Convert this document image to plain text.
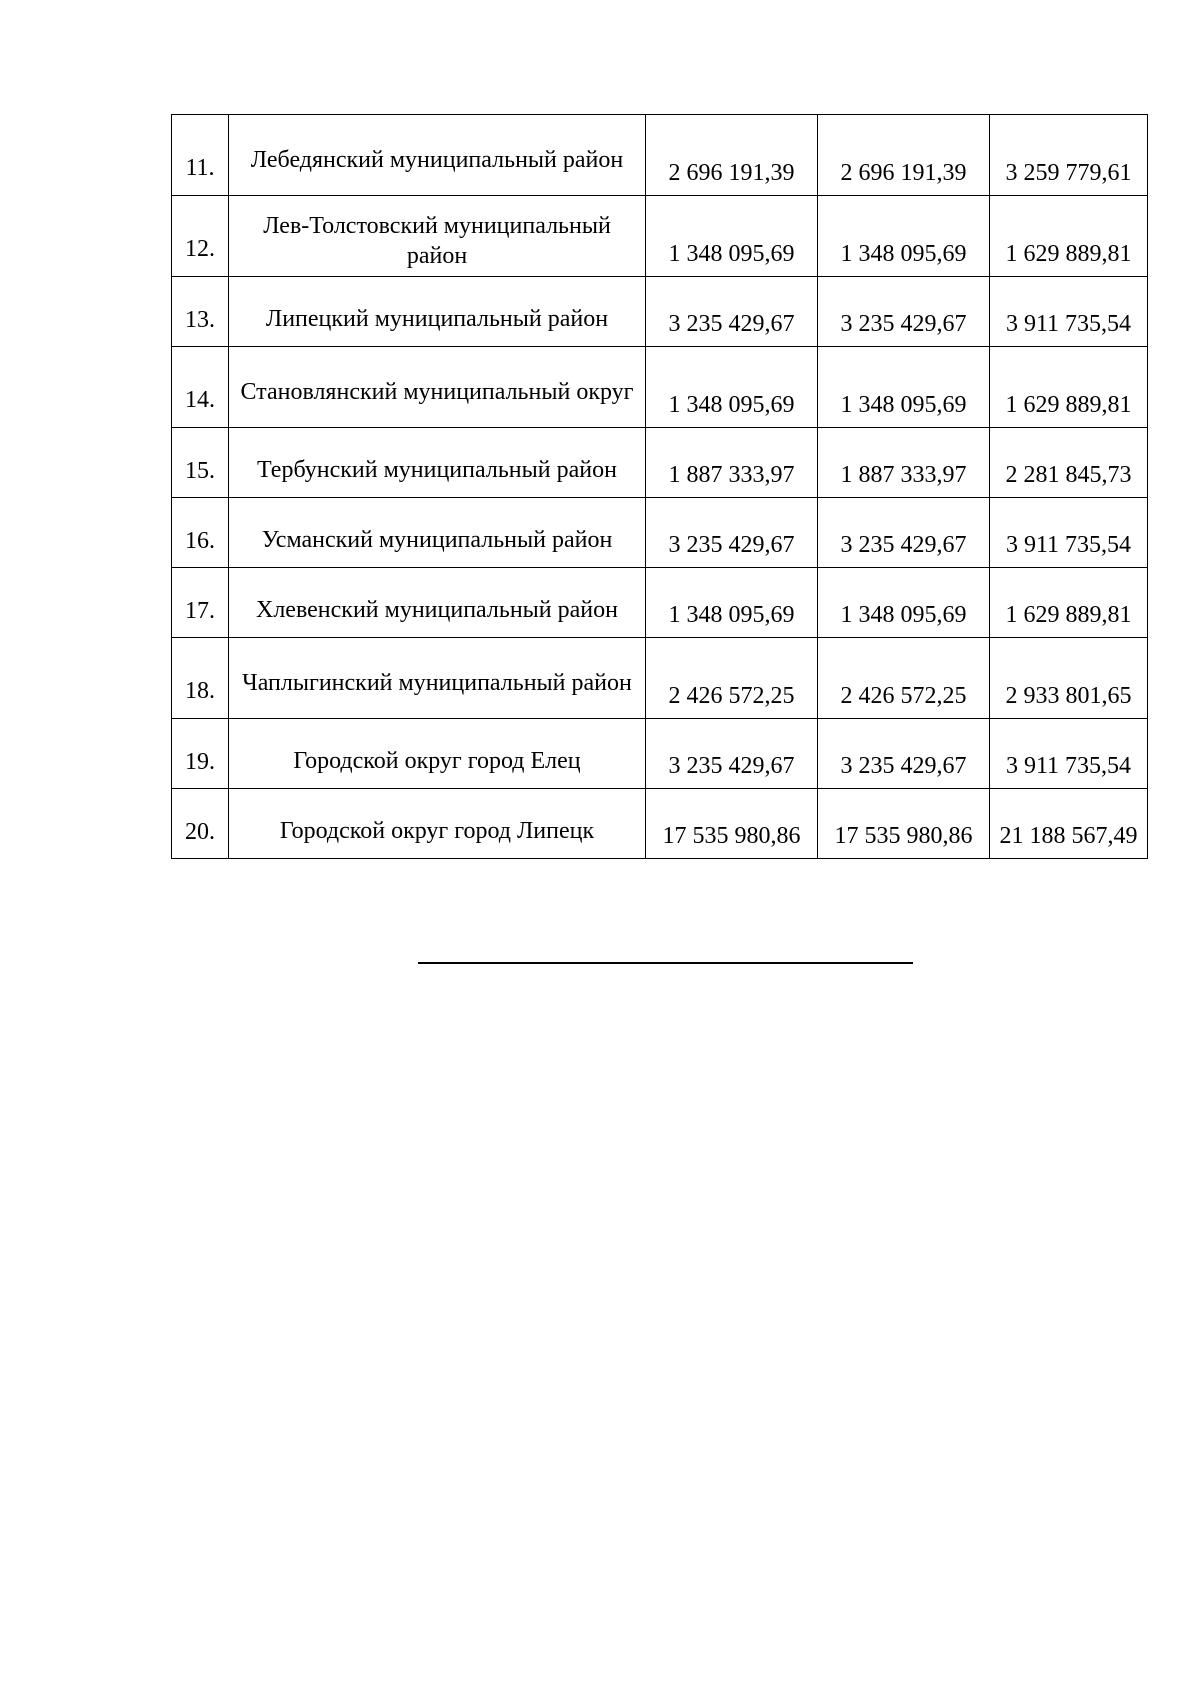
11.	Лебедянский муниципальный район	2 696 191,39	2 696 191,39	3 259 779,61

12.	Лев-Толстовский муниципальный район	1 348 095,69	1 348 095,69	1 629 889,81

13.	Липецкий муниципальный район	3 235 429,67	3 235 429,67	3 911 735,54

14.	Становлянский муниципальный округ	1 348 095,69	1 348 095,69	1 629 889,81

15.	Тербунский муниципальный район	1 887 333,97	1 887 333,97	2 281 845,73

16.	Усманский муниципальный район	3 235 429,67	3 235 429,67	3 911 735,54

17.	Хлевенский муниципальный район	1 348 095,69	1 348 095,69	1 629 889,81

18.	Чаплыгинский муниципальный район	2 426 572,25	2 426 572,25	2 933 801,65

19.	Городской округ город Елец	3 235 429,67	3 235 429,67	3 911 735,54

20.	Городской округ город Липецк	17 535 980,86	17 535 980,86	21 188 567,49
